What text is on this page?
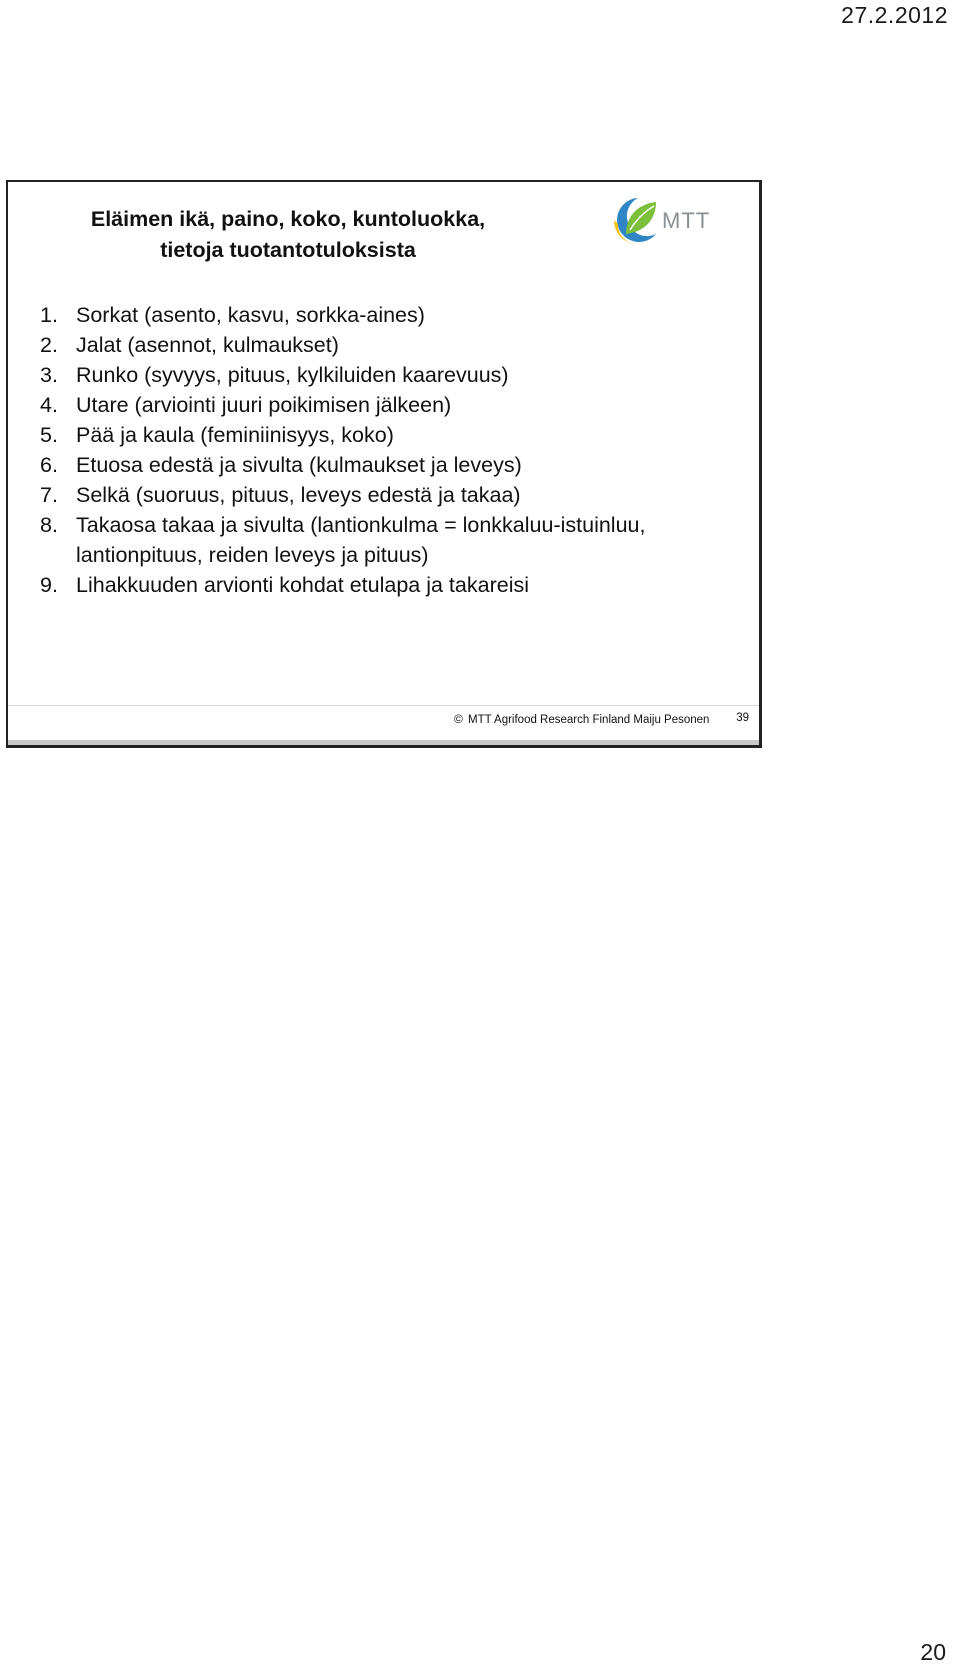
27.2.2012
Eläimen ikä, paino, koko, kuntoluokka,
tietoja tuotantotuloksista
MTT
1. Sorkat (asento, kasvu, sorkka-aines)
2. Jalat (asennot, kulmaukset)
3. Runko (syvyys, pituus, kylkiluiden kaarevuus)
4. Utare (arviointi juuri poikimisen jälkeen)
5. Pää ja kaula (feminiinisyys, koko)
6. Etuosa edestä ja sivulta (kulmaukset ja leveys)
7. Selkä (suoruus, pituus, leveys edestä ja takaa)
8. Takaosa takaa ja sivulta (lantionkulma = lonkkaluu-istuinluu, lantionpituus, reiden leveys ja pituus)
9. Lihakkuuden arvionti kohdat etulapa ja takareisi
© MTT Agrifood Research Finland Maiju Pesonen 39
20
